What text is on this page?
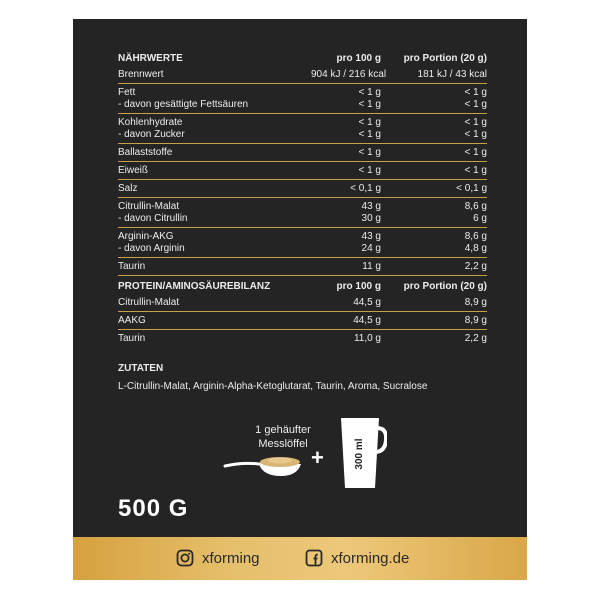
NÄHRWERTE	pro 100 g	pro Portion (20 g)
Brennwert	904 kJ / 216 kcal	181 kJ / 43 kcal
Fett	< 1 g	< 1 g
- davon gesättigte Fettsäuren	< 1 g	< 1 g
Kohlenhydrate	< 1 g	< 1 g
- davon Zucker	< 1 g	< 1 g
Ballaststoffe	< 1 g	< 1 g
Eiweiß	< 1 g	< 1 g
Salz	< 0,1 g	< 0,1 g
Citrullin-Malat	43 g	8,6 g
- davon Citrullin	30 g	6 g
Arginin-AKG	43 g	8,6 g
- davon Arginin	24 g	4,8 g
Taurin	11 g	2,2 g
PROTEIN/AMINOSÄUREBILANZ	pro 100 g	pro Portion (20 g)
Citrullin-Malat	44,5 g	8,9 g
AAKG	44,5 g	8,9 g
Taurin	11,0 g	2,2 g
ZUTATEN
L-Citrullin-Malat, Arginin-Alpha-Ketoglutarat, Taurin, Aroma, Sucralose
1 gehäufter
Messlöffel
+	300 ml
500 G
xforming	xforming.de
